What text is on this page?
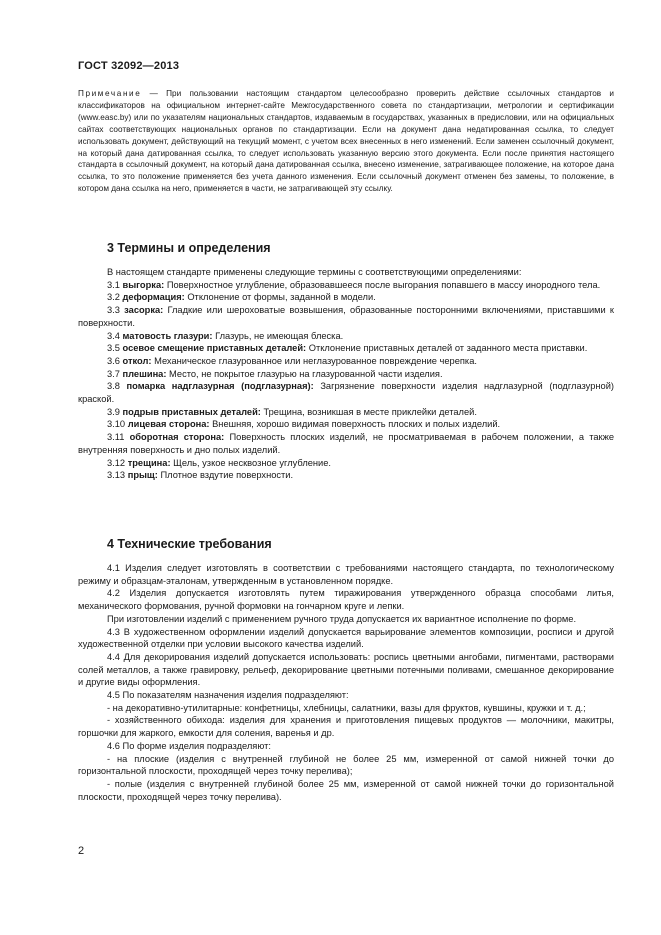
ГОСТ 32092—2013
Примечание — При пользовании настоящим стандартом целесообразно проверить действие ссылочных стандартов и классификаторов на официальном интернет-сайте Межгосударственного совета по стандартизации, метрологии и сертификации (www.easc.by) или по указателям национальных стандартов, издаваемым в государствах, указанных в предисловии, или на официальных сайтах соответствующих национальных органов по стандартизации. Если на документ дана недатированная ссылка, то следует использовать документ, действующий на текущий момент, с учетом всех внесенных в него изменений. Если заменен ссылочный документ, на который дана датированная ссылка, то следует использовать указанную версию этого документа. Если после принятия настоящего стандарта в ссылочный документ, на который дана датированная ссылка, внесено изменение, затрагивающее положение, на которое дана ссылка, то это положение применяется без учета данного изменения. Если ссылочный документ отменен без замены, то положение, в котором дана ссылка на него, применяется в части, не затрагивающей эту ссылку.
3 Термины и определения

В настоящем стандарте применены следующие термины с соответствующими определениями:

3.1 выгорка: Поверхностное углубление, образовавшееся после выгорания попавшего в массу инородного тела.

3.2 деформация: Отклонение от формы, заданной в модели.

3.3 засорка: Гладкие или шероховатые возвышения, образованные посторонними включениями, приставшими к поверхности.

3.4 матовость глазури: Глазурь, не имеющая блеска.

3.5 осевое смещение приставных деталей: Отклонение приставных деталей от заданного места приставки.

3.6 откол: Механическое глазурованное или неглазурованное повреждение черепка.

3.7 плешина: Место, не покрытое глазурью на глазурованной части изделия.

3.8 помарка надглазурная (подглазурная): Загрязнение поверхности изделия надглазурной (подглазурной) краской.

3.9 подрыв приставных деталей: Трещина, возникшая в месте приклейки деталей.

3.10 лицевая сторона: Внешняя, хорошо видимая поверхность плоских и полых изделий.

3.11 оборотная сторона: Поверхность плоских изделий, не просматриваемая в рабочем положении, а также внутренняя поверхность и дно полых изделий.

3.12 трещина: Щель, узкое несквозное углубление.

3.13 прыщ: Плотное вздутие поверхности.

4 Технические требования

4.1 Изделия следует изготовлять в соответствии с требованиями настоящего стандарта, по технологическому режиму и образцам-эталонам, утвержденным в установленном порядке.

4.2 Изделия допускается изготовлять путем тиражирования утвержденного образца способами литья, механического формования, ручной формовки на гончарном круге и лепки.

При изготовлении изделий с применением ручного труда допускается их вариантное исполнение по форме.

4.3 В художественном оформлении изделий допускается варьирование элементов композиции, росписи и другой художественной отделки при условии высокого качества изделий.

4.4 Для декорирования изделий допускается использовать: роспись цветными ангобами, пигментами, растворами солей металлов, а также гравировку, рельеф, декорирование цветными потечными поливами, смешанное декорирование и другие виды оформления.

4.5 По показателям назначения изделия подразделяют:

- на декоративно-утилитарные: конфетницы, хлебницы, салатники, вазы для фруктов, кувшины, кружки и т. д.;

- хозяйственного обихода: изделия для хранения и приготовления пищевых продуктов — молочники, макитры, горшочки для жаркого, емкости для соления, варенья и др.

4.6 По форме изделия подразделяют:

- на плоские (изделия с внутренней глубиной не более 25 мм, измеренной от самой нижней точки до горизонтальной плоскости, проходящей через точку перелива);

- полые (изделия с внутренней глубиной более 25 мм, измеренной от самой нижней точки до горизонтальной плоскости, проходящей через точку перелива).

2
